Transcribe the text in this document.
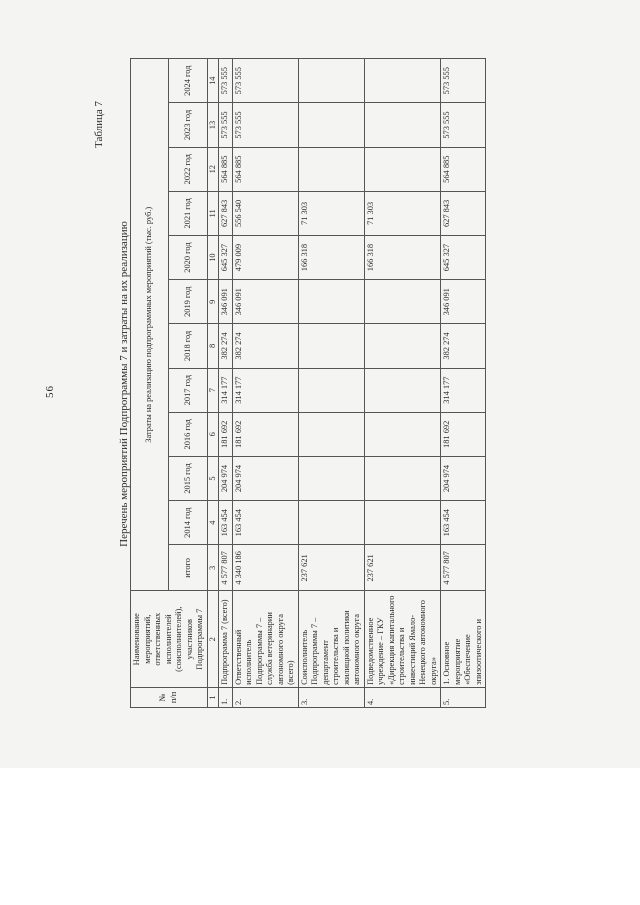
56
Таблица 7
Перечень мероприятий Подпрограммы 7 и затраты на их реализацию
№ п/п	Наименование мероприятий, ответственных исполнителей (соисполнителей), участников Подпрограммы 7	Затраты на реализацию подпрограммных мероприятий (тыс. руб.)											
		итого	2014 год	2015 год	2016 год	2017 год	2018 год	2019 год	2020 год	2021 год	2022 год	2023 год	2024 год
1	2	3	4	5	6	7	8	9	10	11	12	13	14
1.	Подпрограмма 7 (всего)	4 577 807	163 454	204 974	181 692	314 177	382 274	346 091	645 327	627 843	564 885	573 555	573 555
2.	Ответственный исполнитель Подпрограммы 7 – служба ветеринарии автономного округа (всего)	4 340 186	163 454	204 974	181 692	314 177	382 274	346 091	479 009	556 540	564 885	573 555	573 555
3.	Соисполнитель Подпрограммы 7 – департамент строительства и жилищной политики автономного округа	237 621							166 318	71 303			
4.	Подведомственное учреждение – ГКУ «Дирекция капитального строительства и инвестиций Ямало-Ненецкого автономного округа»	237 621							166 318	71 303			
5.	1. Основное мероприятие «Обеспечение эпизоотического и	4 577 807	163 454	204 974	181 692	314 177	382 274	346 091	645 327	627 843	564 885	573 555	573 555
